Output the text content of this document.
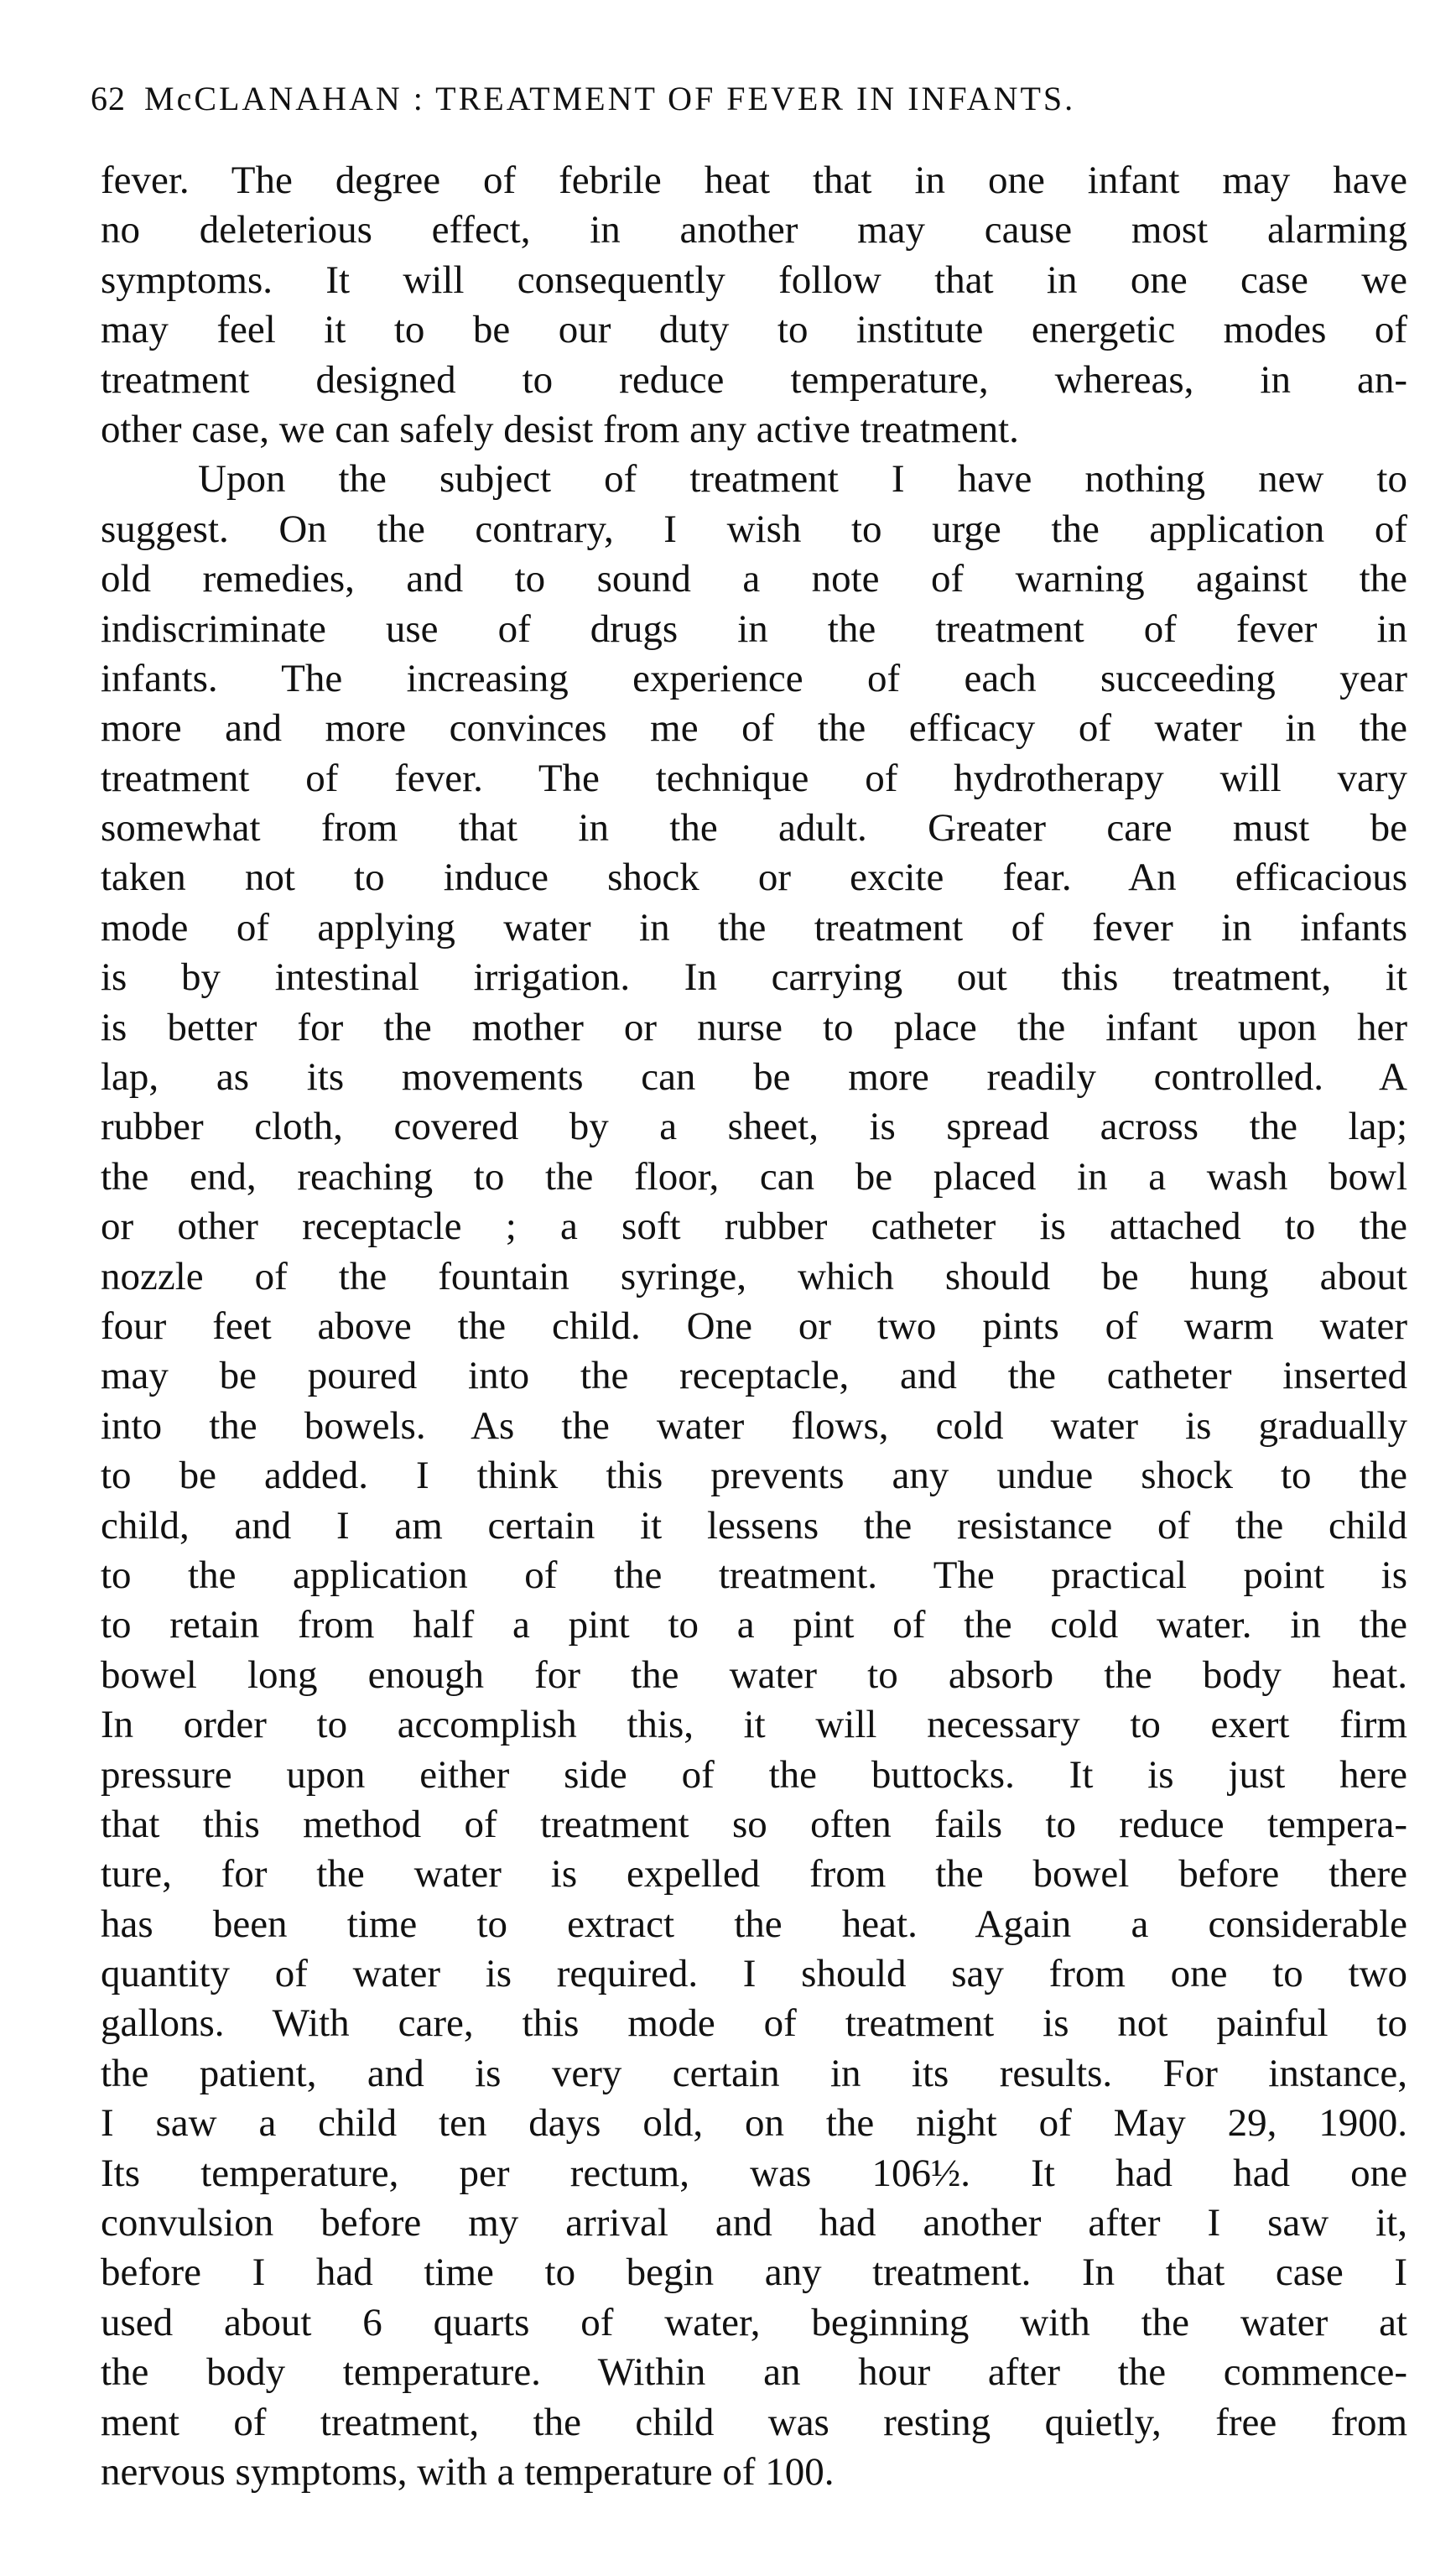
62 McCLANAHAN : TREATMENT OF FEVER IN INFANTS.
fever. The degree of febrile heat that in one infant may have
no deleterious effect, in another may cause most alarming
symptoms. It will consequently follow that in one case we
may feel it to be our duty to institute energetic modes of
treatment designed to reduce temperature, whereas, in an-
other case, we can safely desist from any active treatment.
Upon the subject of treatment I have nothing new to
suggest. On the contrary, I wish to urge the application of
old remedies, and to sound a note of warning against the
indiscriminate use of drugs in the treatment of fever in
infants. The increasing experience of each succeeding year
more and more convinces me of the efficacy of water in the
treatment of fever. The technique of hydrotherapy will vary
somewhat from that in the adult. Greater care must be
taken not to induce shock or excite fear. An efficacious
mode of applying water in the treatment of fever in infants
is by intestinal irrigation. In carrying out this treatment, it
is better for the mother or nurse to place the infant upon her
lap, as its movements can be more readily controlled. A
rubber cloth, covered by a sheet, is spread across the lap;
the end, reaching to the floor, can be placed in a wash bowl
or other receptacle ; a soft rubber catheter is attached to the
nozzle of the fountain syringe, which should be hung about
four feet above the child. One or two pints of warm water
may be poured into the receptacle, and the catheter inserted
into the bowels. As the water flows, cold water is gradually
to be added. I think this prevents any undue shock to the
child, and I am certain it lessens the resistance of the child
to the application of the treatment. The practical point is
to retain from half a pint to a pint of the cold water. in the
bowel long enough for the water to absorb the body heat.
In order to accomplish this, it will necessary to exert firm
pressure upon either side of the buttocks. It is just here
that this method of treatment so often fails to reduce tempera-
ture, for the water is expelled from the bowel before there
has been time to extract the heat. Again a considerable
quantity of water is required. I should say from one to two
gallons. With care, this mode of treatment is not painful to
the patient, and is very certain in its results. For instance,
I saw a child ten days old, on the night of May 29, 1900.
Its temperature, per rectum, was 106½. It had had one
convulsion before my arrival and had another after I saw it,
before I had time to begin any treatment. In that case I
used about 6 quarts of water, beginning with the water at
the body temperature. Within an hour after the commence-
ment of treatment, the child was resting quietly, free from
nervous symptoms, with a temperature of 100.
